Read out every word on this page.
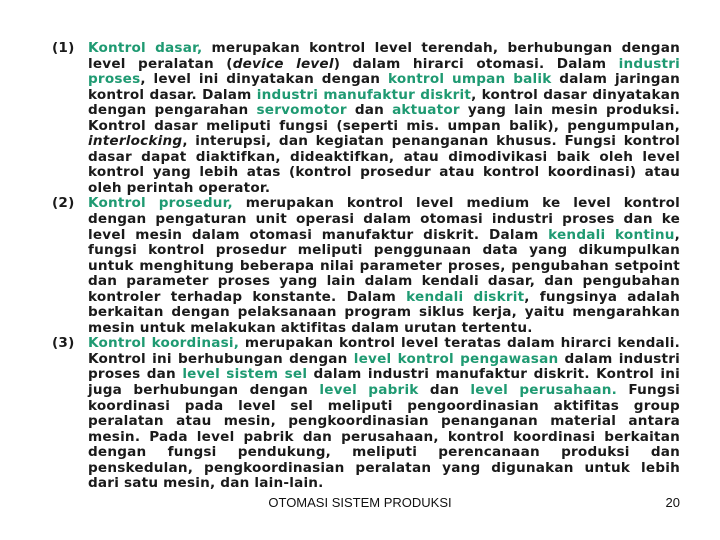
(1) Kontrol dasar, merupakan kontrol level terendah, berhubungan dengan level peralatan (device level) dalam hirarci otomasi. Dalam industri proses, level ini dinyatakan dengan kontrol umpan balik dalam jaringan kontrol dasar. Dalam industri manufaktur diskrit, kontrol dasar dinyatakan dengan pengarahan servomotor dan aktuator yang lain mesin produksi. Kontrol dasar meliputi fungsi (seperti mis. umpan balik), pengumpulan, interlocking, interupsi, dan kegiatan penanganan khusus. Fungsi kontrol dasar dapat diaktifkan, dideaktifkan, atau dimodivikasi baik oleh level kontrol yang lebih atas (kontrol prosedur atau kontrol koordinasi) atau oleh perintah operator.
(2) Kontrol prosedur, merupakan kontrol level medium ke level kontrol dengan pengaturan unit operasi dalam otomasi industri proses dan ke level mesin dalam otomasi manufaktur diskrit. Dalam kendali kontinu, fungsi kontrol prosedur meliputi penggunaan data yang dikumpulkan untuk menghitung beberapa nilai parameter proses, pengubahan setpoint dan parameter proses yang lain dalam kendali dasar, dan pengubahan kontroler terhadap konstante. Dalam kendali diskrit, fungsinya adalah berkaitan dengan pelaksanaan program siklus kerja, yaitu mengarahkan mesin untuk melakukan aktifitas dalam urutan tertentu.
(3) Kontrol koordinasi, merupakan kontrol level teratas dalam hirarci kendali. Kontrol ini berhubungan dengan level kontrol pengawasan dalam industri proses dan level sistem sel dalam industri manufaktur diskrit. Kontrol ini juga berhubungan dengan level pabrik dan level perusahaan. Fungsi koordinasi pada level sel meliputi pengoordinasian aktifitas group peralatan atau mesin, pengkoordinasian penanganan material antara mesin. Pada level pabrik dan perusahaan, kontrol koordinasi berkaitan dengan fungsi pendukung, meliputi perencanaan produksi dan penskedulan, pengkoordinasian peralatan yang digunakan untuk lebih dari satu mesin, dan lain-lain.
OTOMASI SISTEM PRODUKSI	20
